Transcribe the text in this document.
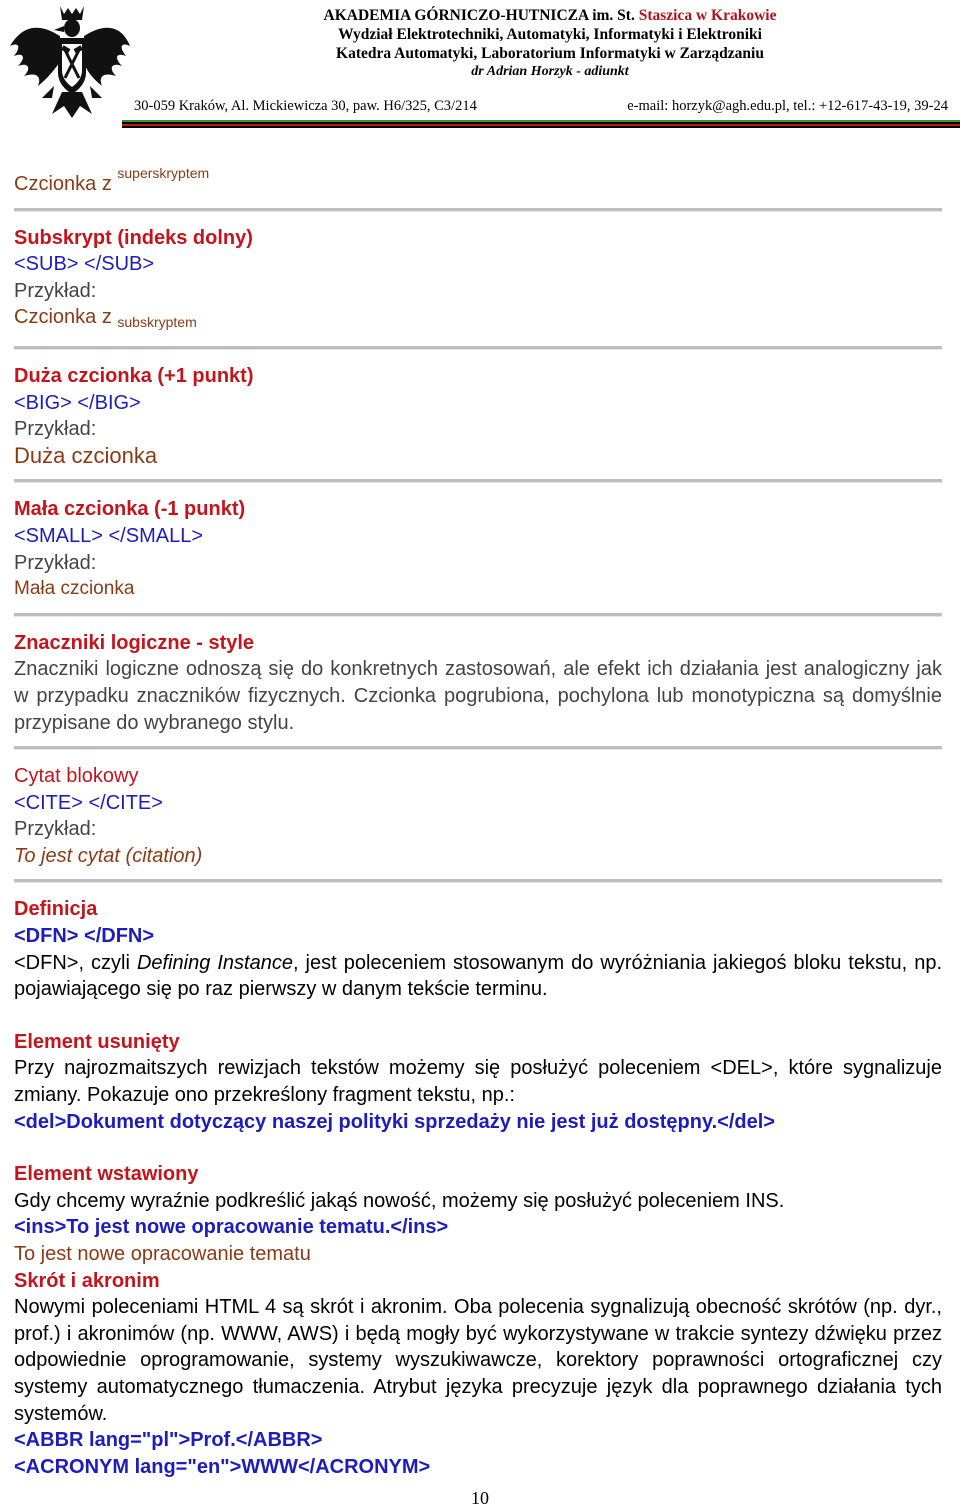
AKADEMIA GÓRNICZO-HUTNICZA im. St. Staszica w Krakowie
Wydział Elektrotechniki, Automatyki, Informatyki i Elektroniki
Katedra Automatyki, Laboratorium Informatyki w Zarządzaniu
dr Adrian Horzyk - adiunkt
30-059 Kraków, Al. Mickiewicza 30, paw. H6/325, C3/214	e-mail: horzyk@agh.edu.pl, tel.: +12-617-43-19, 39-24

Czcionka z $^{superskryptem}$

Subskrypt (indeks dolny)

<SUB> </SUB>

Przykład:

Czcionka z $_{subskryptem}$

Duża czcionka (+1 punkt)

<BIG> </BIG>

Przykład:

Duża czcionka

Mała czcionka (-1 punkt)

<SMALL> </SMALL>

Przykład:

Mała czcionka

Znaczniki logiczne - style

Znaczniki logiczne odnoszą się do konkretnych zastosowań, ale efekt ich działania jest analogiczny jak w przypadku znaczników fizycznych. Czcionka pogrubiona, pochylona lub monotypiczna są domyślnie przypisane do wybranego stylu.

Cytat blokowy

<CITE> </CITE>

Przykład:

To jest cytat (citation)

Definicja

<DFN> </DFN>

<DFN>, czyli Defining Instance, jest poleceniem stosowanym do wyróżniania jakiegoś bloku tekstu, np. pojawiającego się po raz pierwszy w danym tekście terminu.

Element usunięty

Przy najrozmaitszych rewizjach tekstów możemy się posłużyć poleceniem <DEL>, które sygnalizuje zmiany. Pokazuje ono przekreślony fragment tekstu, np.:

<del>Dokument dotyczący naszej polityki sprzedaży nie jest już dostępny.</del>

Element wstawiony

Gdy chcemy wyraźnie podkreślić jakąś nowość, możemy się posłużyć poleceniem INS.

<ins>To jest nowe opracowanie tematu.</ins>

To jest nowe opracowanie tematu

Skrót i akronim

Nowymi poleceniami HTML 4 są skrót i akronim. Oba polecenia sygnalizują obecność skrótów (np. dyr., prof.) i akronimów (np. WWW, AWS) i będą mogły być wykorzystywane w trakcie syntezy dźwięku przez odpowiednie oprogramowanie, systemy wyszukiwawcze, korektory poprawności ortograficznej czy systemy automatycznego tłumaczenia. Atrybut języka precyzuje język dla poprawnego działania tych systemów.

<ABBR lang="pl">Prof.</ABBR>

<ACRONYM lang="en">WWW</ACRONYM>

10
